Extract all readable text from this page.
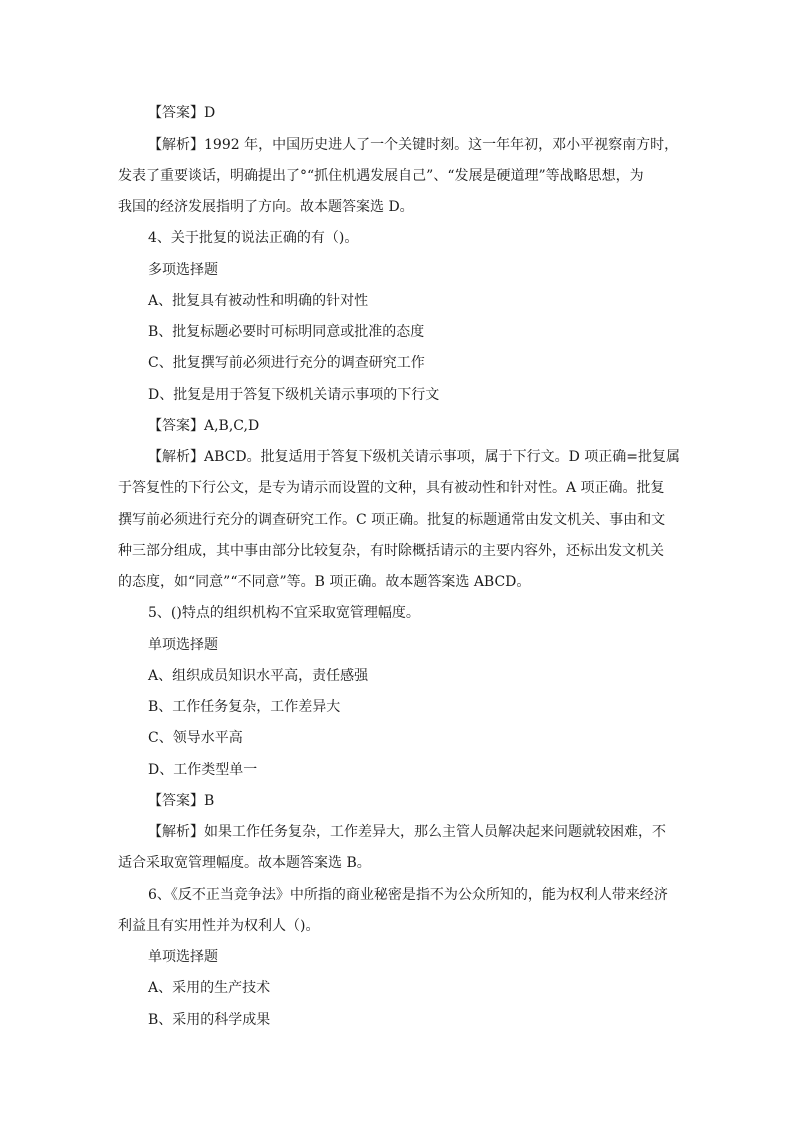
【答案】D
【解析】1992 年，中国历史进人了一个关键时刻。这一年年初，邓小平视察南方时，
发表了重要谈话，明确提出了°“抓住机遇发展自己”、“发展是硬道理”等战略思想，为
我国的经济发展指明了方向。故本题答案选 D。
4、关于批复的说法正确的有（)。
多项选择题
A、批复具有被动性和明确的针对性
B、批复标题必要时可标明同意或批准的态度
C、批复撰写前必须进行充分的调查研究工作
D、批复是用于答复下级机关请示事项的下行文
【答案】A,B,C,D
【解析】ABCD。批复适用于答复下级机关请示事项，属于下行文。D 项正确=批复属
于答复性的下行公文，是专为请示而设置的文种，具有被动性和针对性。A 项正确。批复
撰写前必须进行充分的调查研究工作。C 项正确。批复的标题通常由发文机关、事由和文
种三部分组成，其中事由部分比较复杂，有时除概括请示的主要内容外，还标出发文机关
的态度，如“同意”“不同意”等。B 项正确。故本题答案选 ABCD。
5、()特点的组织机构不宜采取宽管理幅度。
单项选择题
A、组织成员知识水平高，责任感强
B、工作任务复杂，工作差异大
C、领导水平高
D、工作类型单一
【答案】B
【解析】如果工作任务复杂，工作差异大，那么主管人员解决起来问题就较困难，不
适合采取宽管理幅度。故本题答案选 B。
6、《反不正当竞争法》中所指的商业秘密是指不为公众所知的，能为权利人带来经济
利益且有实用性并为权利人（)。
单项选择题
A、采用的生产技术
B、采用的科学成果
